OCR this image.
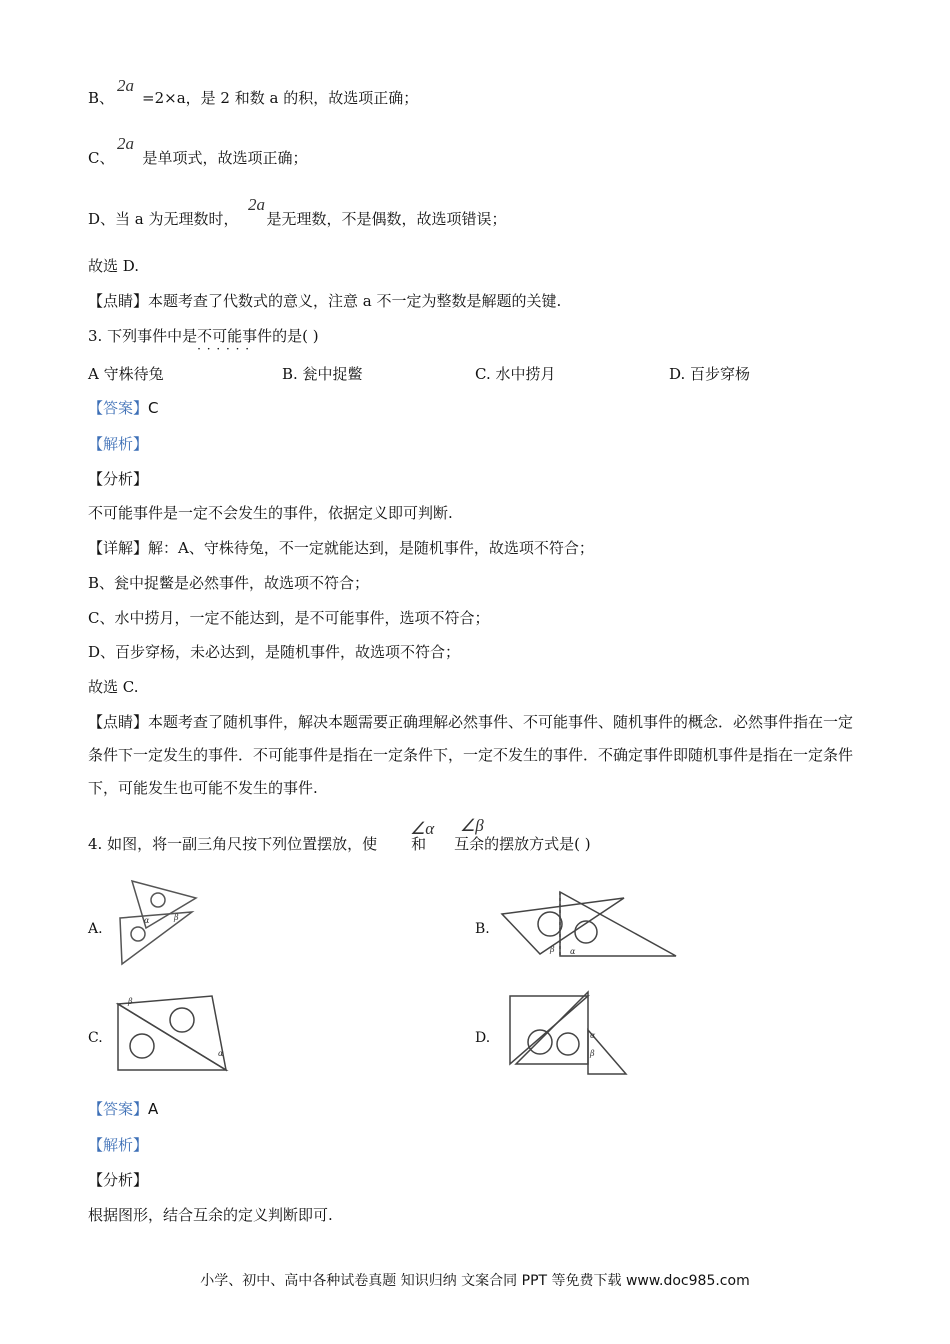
2a
B、 =2×a，是 2 和数 a 的积，故选项正确；
2a
C、 是单项式，故选项正确；
2a
D、当 a 为无理数时， 是无理数，不是偶数，故选项错误；
故选 D.
【点睛】本题考查了代数式的意义，注意 a 不一定为整数是解题的关键.
3. 下列事件中是不可能事件 · · ·的是( )
A 守株待兔	B. 瓮中捉鳖	C. 水中捞月	D. 百步穿杨
【答案】C
【解析】
【分析】
不可能事件是一定不会发生的事件，依据定义即可判断.
【详解】解：A、守株待兔，不一定就能达到，是随机事件，故选项不符合；
B、瓮中捉鳖是必然事件，故选项不符合；
C、水中捞月，一定不能达到，是不可能事件，选项不符合；
D、百步穿杨，未必达到，是随机事件，故选项不符合；
故选 C.
【点睛】本题考查了随机事件，解决本题需要正确理解必然事件、不可能事件、随机事件的概念．必然事件指在一定条件下一定发生的事件．不可能事件是指在一定条件下，一定不发生的事件．不确定事件即随机事件是指在一定条件下，可能发生也可能不发生的事件.
∠α ∠β
4. 如图，将一副三角尺按下列位置摆放，使 和 互余的摆放方式是( )
A.
α	β
B.
β α
C.
β
α
D.	α
β
【答案】A
【解析】
【分析】
根据图形，结合互余的定义判断即可.
小学、初中、高中各种试卷真题 知识归纳 文案合同 PPT 等免费下载 www.doc985.com
